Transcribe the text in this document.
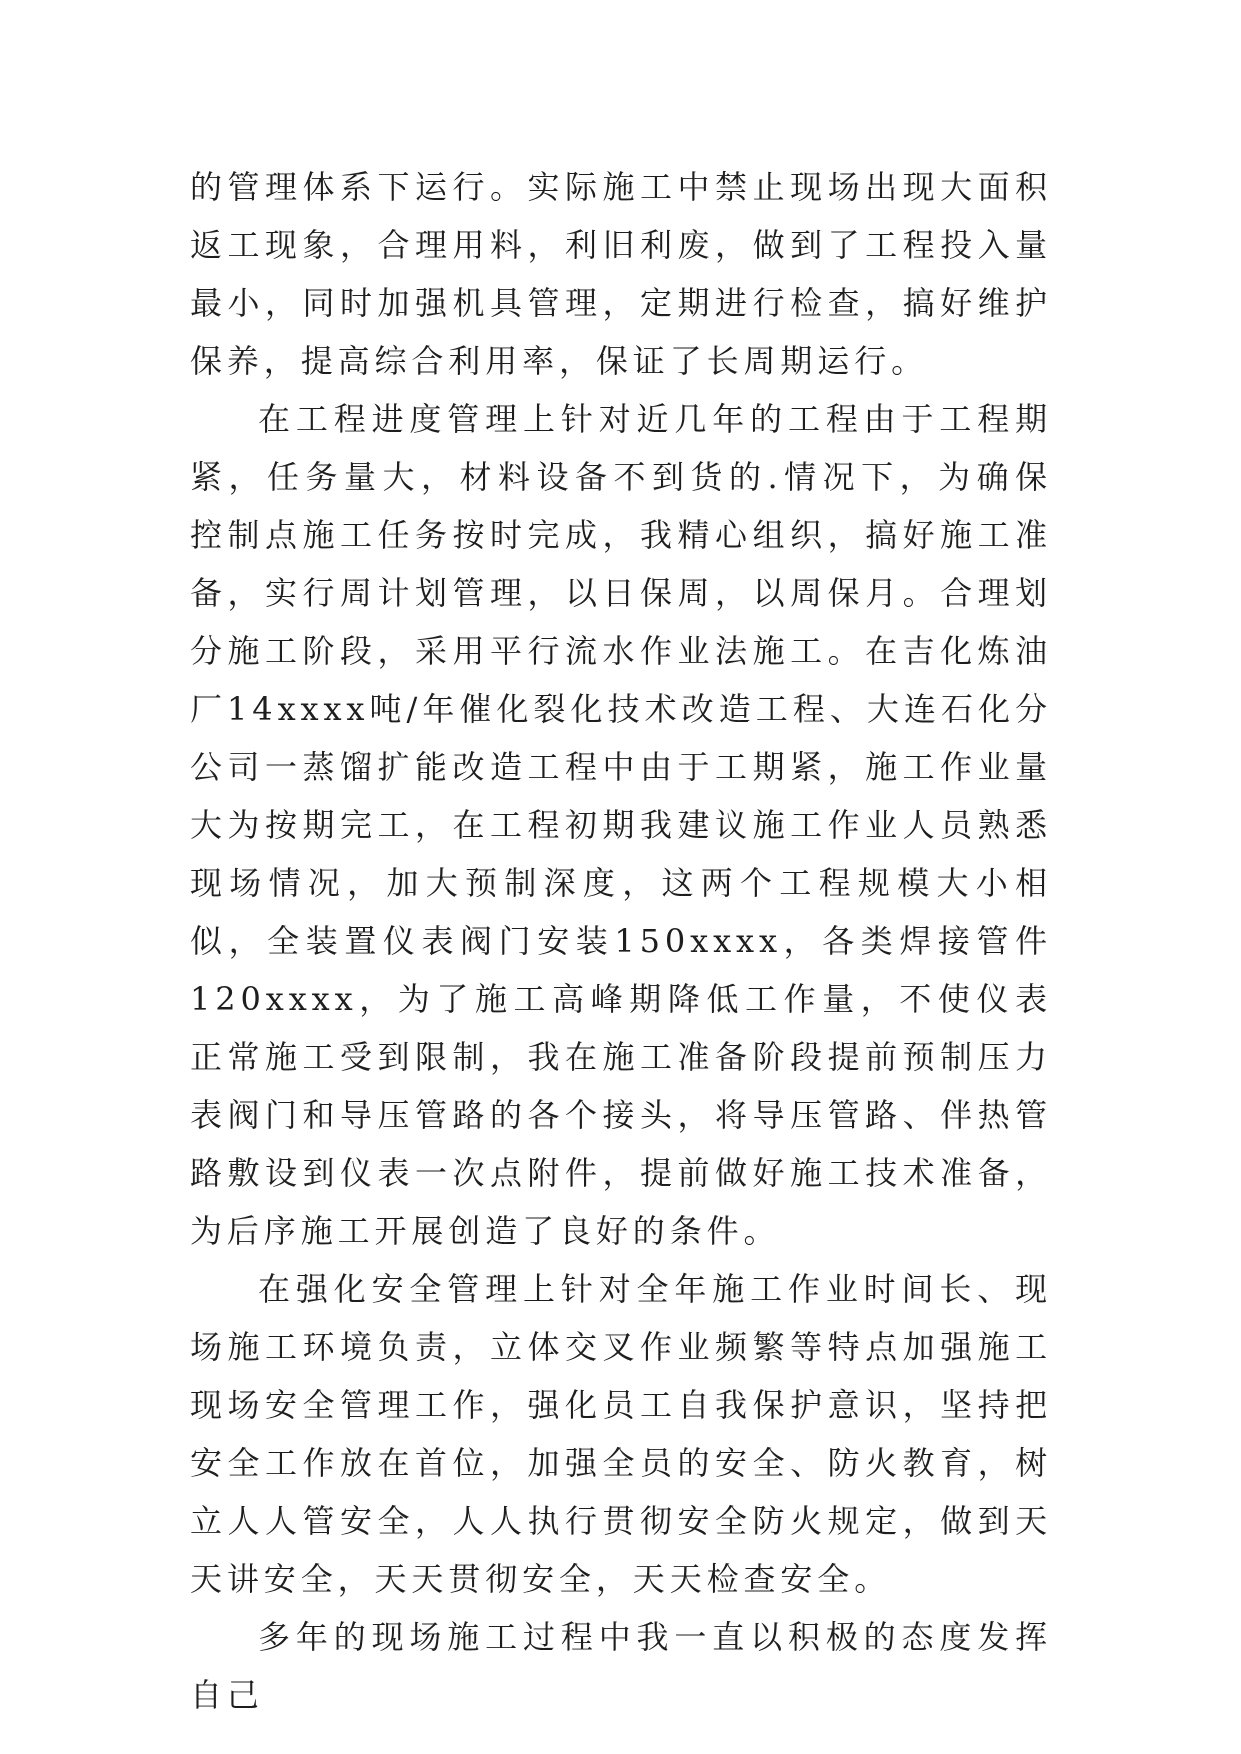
的管理体系下运行。实际施工中禁止现场出现大面积返工现象，合理用料，利旧利废，做到了工程投入量最小，同时加强机具管理，定期进行检查，搞好维护保养，提高综合利用率，保证了长周期运行。

在工程进度管理上针对近几年的工程由于工程期紧，任务量大，材料设备不到货的.情况下，为确保控制点施工任务按时完成，我精心组织，搞好施工准备，实行周计划管理，以日保周，以周保月。合理划分施工阶段，采用平行流水作业法施工。在吉化炼油厂14xxxx吨/年催化裂化技术改造工程、大连石化分公司一蒸馏扩能改造工程中由于工期紧，施工作业量大为按期完工，在工程初期我建议施工作业人员熟悉现场情况，加大预制深度，这两个工程规模大小相似，全装置仪表阀门安装150xxxx，各类焊接管件120xxxx，为了施工高峰期降低工作量，不使仪表正常施工受到限制，我在施工准备阶段提前预制压力表阀门和导压管路的各个接头，将导压管路、伴热管路敷设到仪表一次点附件，提前做好施工技术准备，为后序施工开展创造了良好的条件。

在强化安全管理上针对全年施工作业时间长、现场施工环境负责，立体交叉作业频繁等特点加强施工现场安全管理工作，强化员工自我保护意识，坚持把安全工作放在首位，加强全员的安全、防火教育，树立人人管安全，人人执行贯彻安全防火规定，做到天天讲安全，天天贯彻安全，天天检查安全。

多年的现场施工过程中我一直以积极的态度发挥自己
